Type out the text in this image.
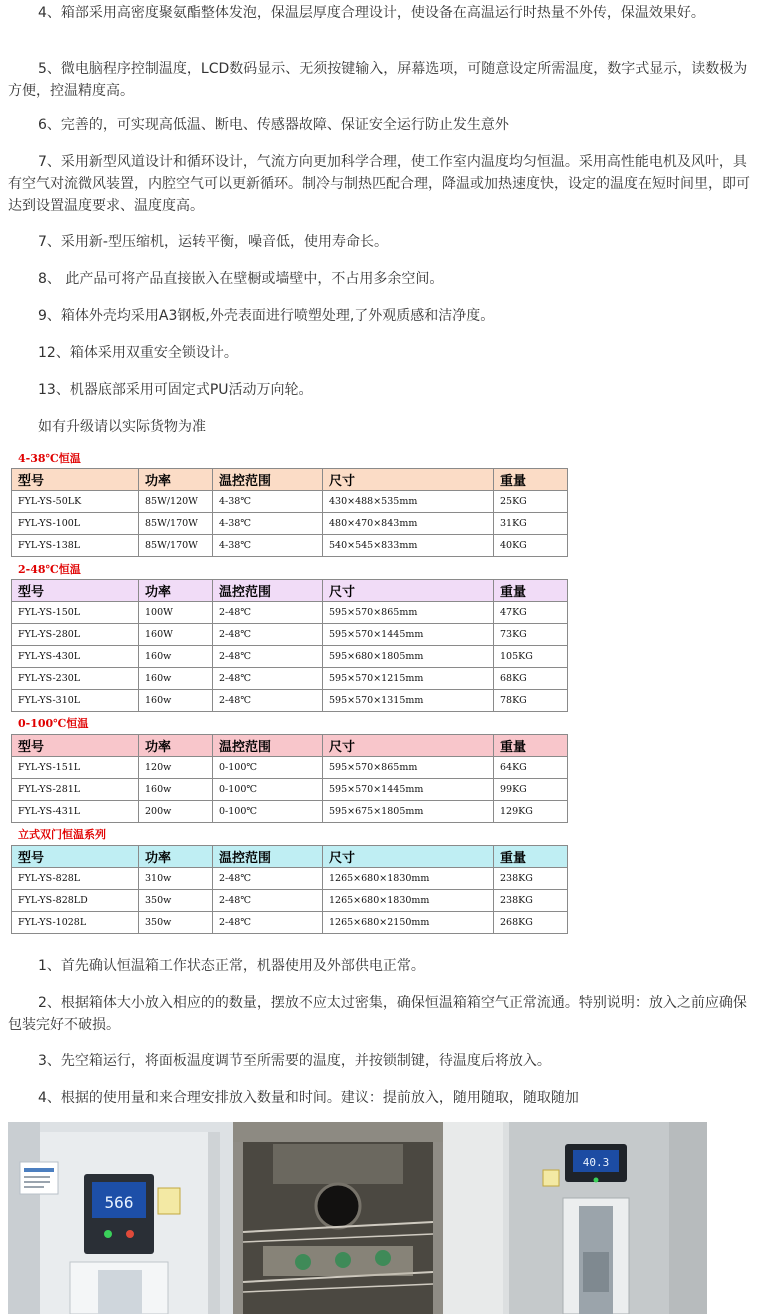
4、箱部采用高密度聚氨酯整体发泡，保温层厚度合理设计，使设备在高温运行时热量不外传，保温效果好。

5、微电脑程序控制温度，LCD数码显示、无须按键输入，屏幕选项，可随意设定所需温度，数字式显示，读数极为方便，控温精度高。

6、完善的，可实现高低温、断电、传感器故障、保证安全运行防止发生意外

7、采用新型风道设计和循环设计，气流方向更加科学合理，使工作室内温度均匀恒温。采用高性能电机及风叶，具有空气对流微风装置，内腔空气可以更新循环。制冷与制热匹配合理，降温或加热速度快，设定的温度在短时间里，即可达到设置温度要求、温度度高。

7、采用新-型压缩机，运转平衡，噪音低，使用寿命长。

8、 此产品可将产品直接嵌入在壁橱或墙壁中，不占用多余空间。

9、箱体外壳均采用A3钢板,外壳表面进行喷塑处理,了外观质感和洁净度。

12、箱体采用双重安全锁设计。

13、机器底部采用可固定式PU活动万向轮。

如有升级请以实际货物为准

4-38℃恒温
型号	功率	温控范围	尺寸	重量
FYL-YS-50LK	85W/120W	4-38℃	430×488×535mm	25KG
FYL-YS-100L	85W/170W	4-38℃	480×470×843mm	31KG
FYL-YS-138L	85W/170W	4-38℃	540×545×833mm	40KG
2-48℃恒温
型号	功率	温控范围	尺寸	重量
FYL-YS-150L	100W	2-48℃	595×570×865mm	47KG
FYL-YS-280L	160W	2-48℃	595×570×1445mm	73KG
FYL-YS-430L	160w	2-48℃	595×680×1805mm	105KG
FYL-YS-230L	160w	2-48℃	595×570×1215mm	68KG
FYL-YS-310L	160w	2-48℃	595×570×1315mm	78KG
0-100℃恒温
型号	功率	温控范围	尺寸	重量
FYL-YS-151L	120w	0-100℃	595×570×865mm	64KG
FYL-YS-281L	160w	0-100℃	595×570×1445mm	99KG
FYL-YS-431L	200w	0-100℃	595×675×1805mm	129KG
立式双门恒温系列
型号	功率	温控范围	尺寸	重量
FYL-YS-828L	310w	2-48℃	1265×680×1830mm	238KG
FYL-YS-828LD	350w	2-48℃	1265×680×1830mm	238KG
FYL-YS-1028L	350w	2-48℃	1265×680×2150mm	268KG

1、首先确认恒温箱工作状态正常，机器使用及外部供电正常。

2、根据箱体大小放入相应的的数量，摆放不应太过密集，确保恒温箱箱空气正常流通。特别说明：放入之前应确保包装完好不破损。

3、先空箱运行，将面板温度调节至所需要的温度，并按锁制键，待温度后将放入。

4、根据的使用量和来合理安排放入数量和时间。建议：提前放入，随用随取，随取随加

566
40.3
